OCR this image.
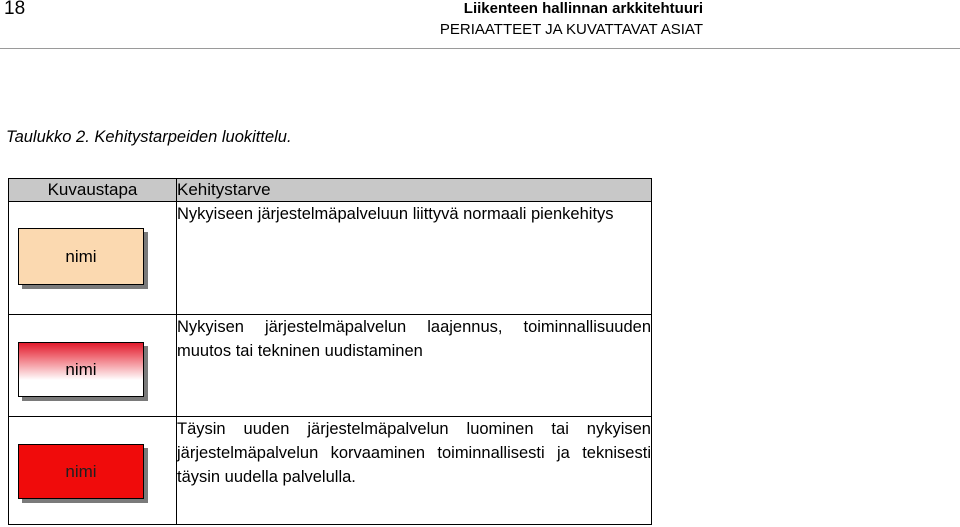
18	Liikenteen hallinnan arkkitehtuuri
PERIAATTEET JA KUVATTAVAT ASIAT
Taulukko 2. Kehitystarpeiden luokittelu.
Kuvaustapa	Kehitystarve

nimi	Nykyiseen järjestelmäpalveluun liittyvä normaali pienkehitys

nimi	Nykyisen järjestelmäpalvelun laajennus, toiminnallisuuden muutos tai tekninen uudistaminen

nimi	Täysin uuden järjestelmäpalvelun luominen tai nykyisen järjestelmäpalvelun korvaaminen toiminnallisesti ja teknisesti täysin uudella palvelulla.
